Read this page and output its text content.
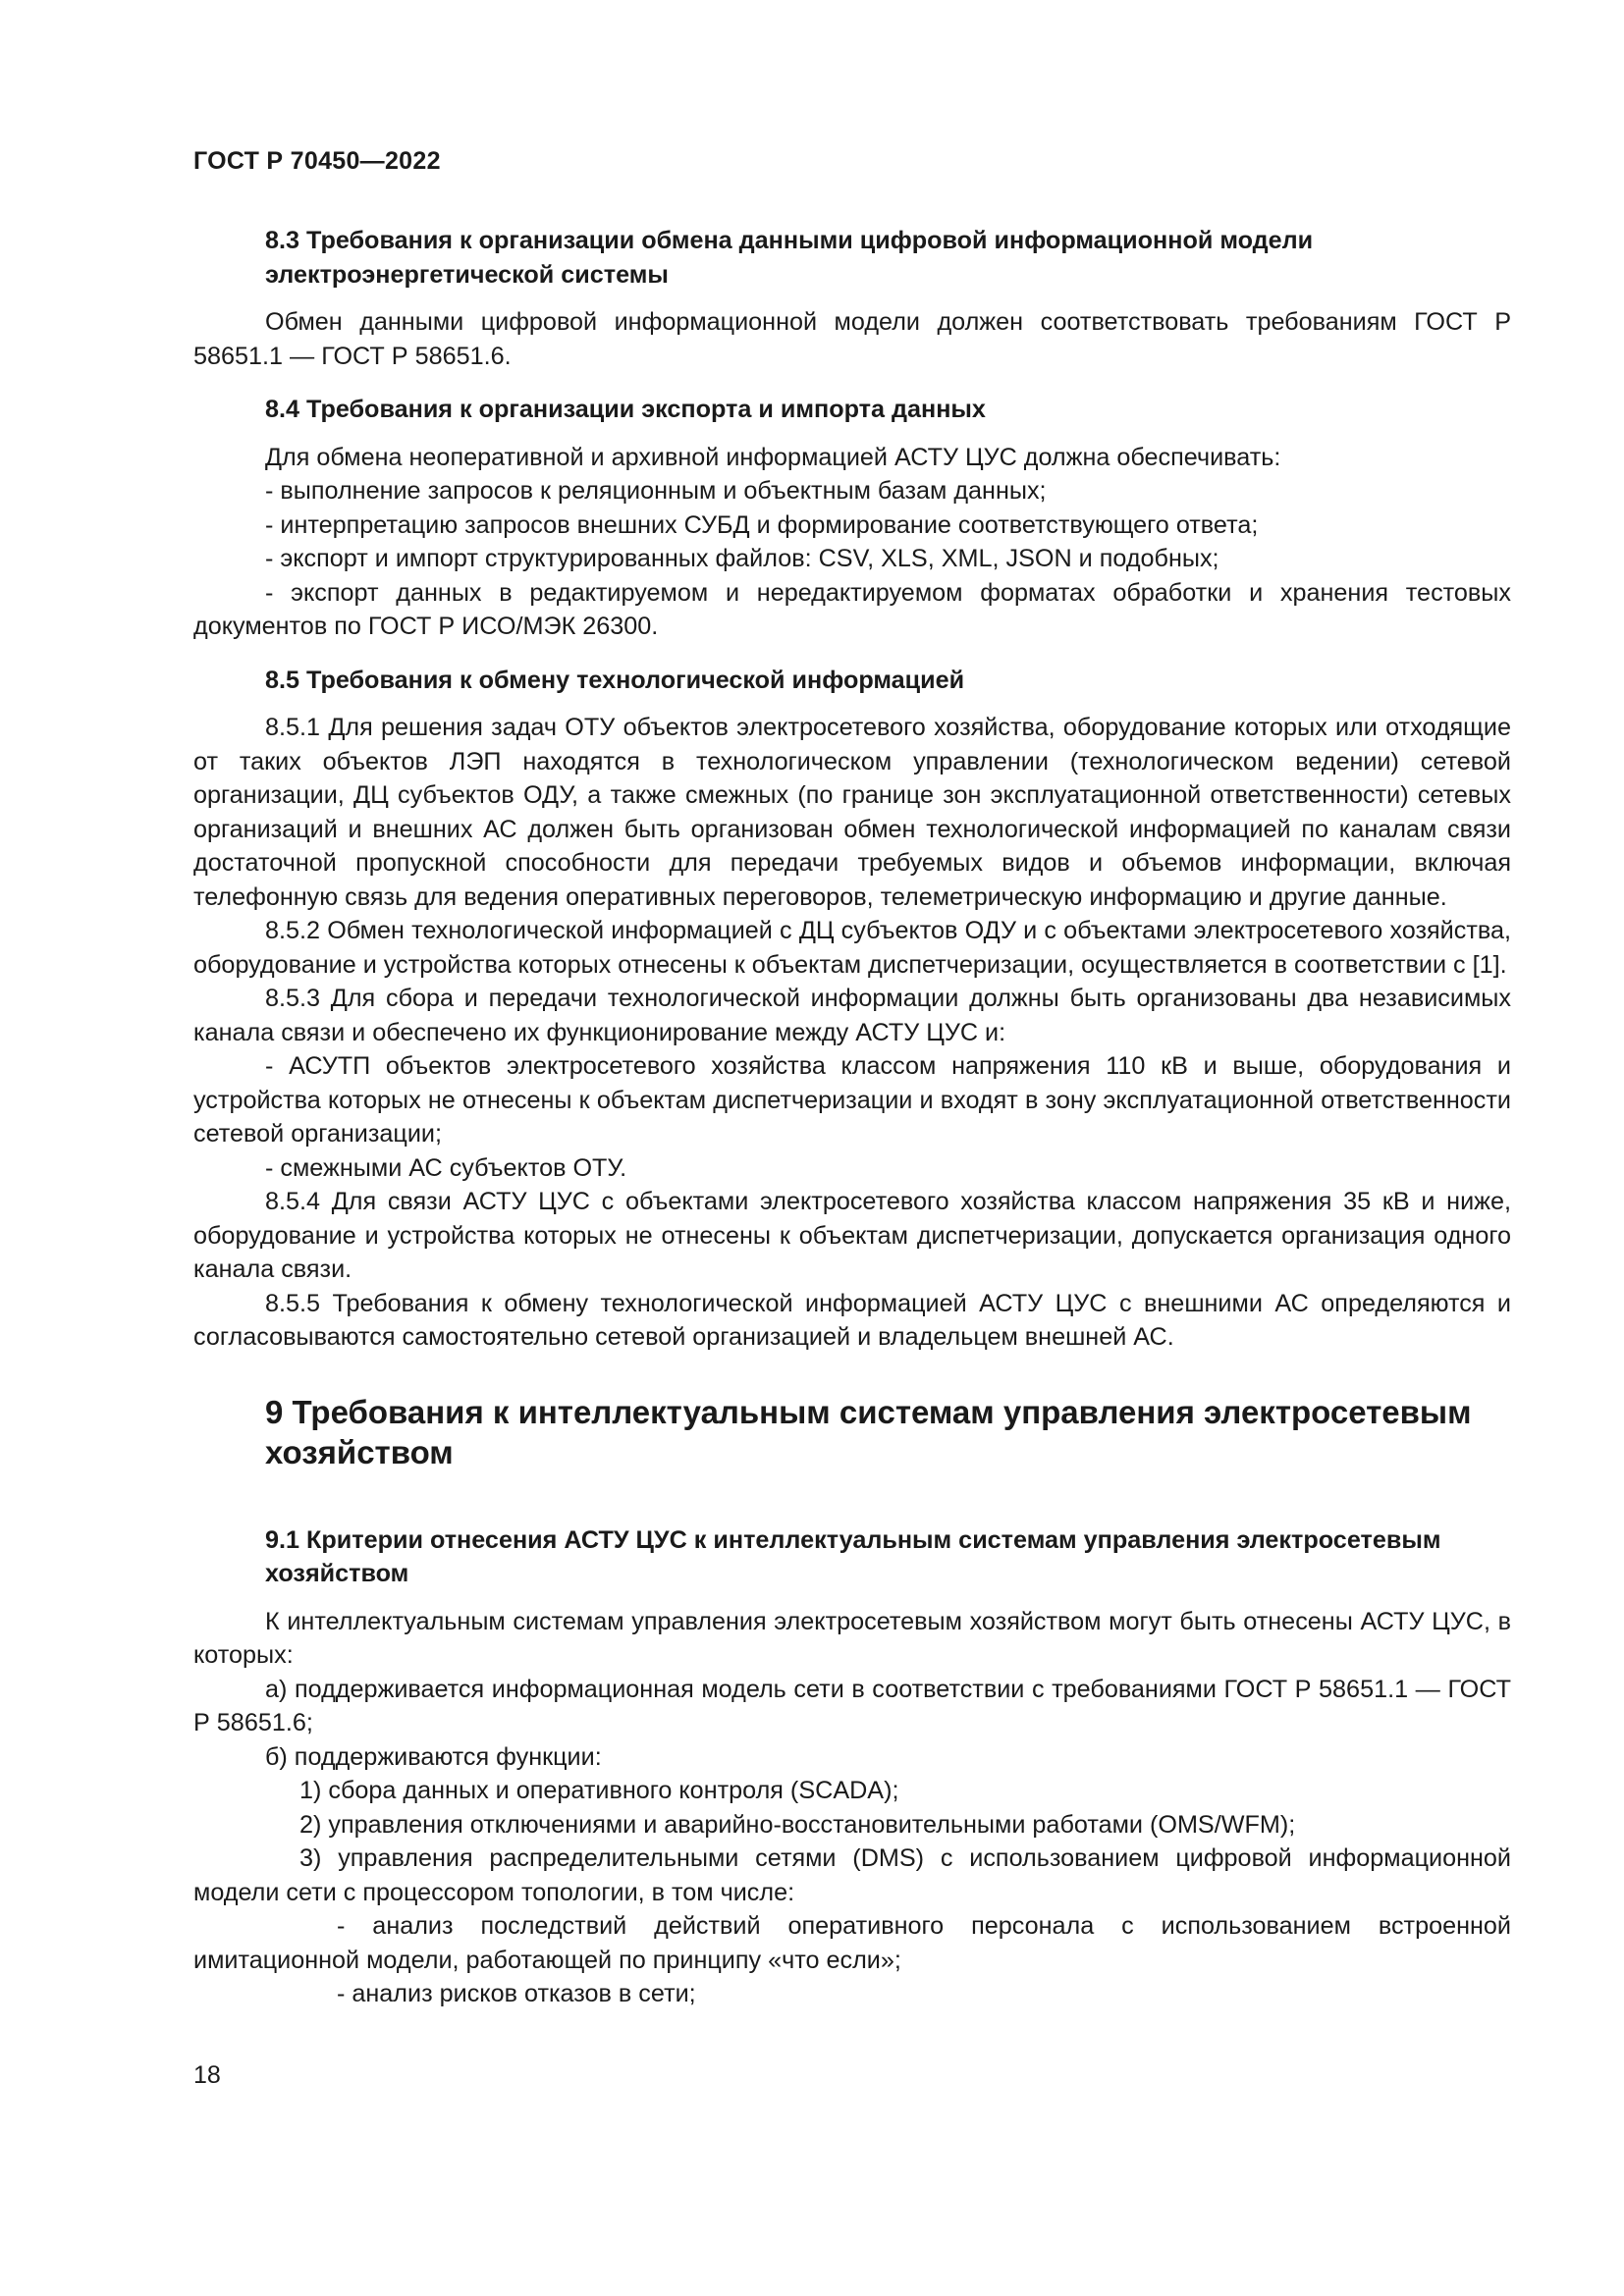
ГОСТ Р 70450—2022

8.3 Требования к организации обмена данными цифровой информационной модели электроэнергетической системы

Обмен данными цифровой информационной модели должен соответствовать требованиям ГОСТ Р 58651.1 — ГОСТ Р 58651.6.

8.4 Требования к организации экспорта и импорта данных

Для обмена неоперативной и архивной информацией АСТУ ЦУС должна обеспечивать:

- выполнение запросов к реляционным и объектным базам данных;

- интерпретацию запросов внешних СУБД и формирование соответствующего ответа;

- экспорт и импорт структурированных файлов: CSV, XLS, XML, JSON и подобных;

- экспорт данных в редактируемом и нередактируемом форматах обработки и хранения тестовых документов по ГОСТ Р ИСО/МЭК 26300.

8.5 Требования к обмену технологической информацией

8.5.1 Для решения задач ОТУ объектов электросетевого хозяйства, оборудование которых или отходящие от таких объектов ЛЭП находятся в технологическом управлении (технологическом ведении) сетевой организации, ДЦ субъектов ОДУ, а также смежных (по границе зон эксплуатационной ответственности) сетевых организаций и внешних АС должен быть организован обмен технологической информацией по каналам связи достаточной пропускной способности для передачи требуемых видов и объемов информации, включая телефонную связь для ведения оперативных переговоров, телеметрическую информацию и другие данные.

8.5.2 Обмен технологической информацией с ДЦ субъектов ОДУ и с объектами электросетевого хозяйства, оборудование и устройства которых отнесены к объектам диспетчеризации, осуществляется в соответствии с [1].

8.5.3 Для сбора и передачи технологической информации должны быть организованы два независимых канала связи и обеспечено их функционирование между АСТУ ЦУС и:

- АСУТП объектов электросетевого хозяйства классом напряжения 110 кВ и выше, оборудования и устройства которых не отнесены к объектам диспетчеризации и входят в зону эксплуатационной ответственности сетевой организации;

- смежными АС субъектов ОТУ.

8.5.4 Для связи АСТУ ЦУС с объектами электросетевого хозяйства классом напряжения 35 кВ и ниже, оборудование и устройства которых не отнесены к объектам диспетчеризации, допускается организация одного канала связи.

8.5.5 Требования к обмену технологической информацией АСТУ ЦУС с внешними АС определяются и согласовываются самостоятельно сетевой организацией и владельцем внешней АС.

9 Требования к интеллектуальным системам управления электросетевым хозяйством

9.1 Критерии отнесения АСТУ ЦУС к интеллектуальным системам управления электросетевым хозяйством

К интеллектуальным системам управления электросетевым хозяйством могут быть отнесены АСТУ ЦУС, в которых:

а) поддерживается информационная модель сети в соответствии с требованиями ГОСТ Р 58651.1 — ГОСТ Р 58651.6;

б) поддерживаются функции:

1) сбора данных и оперативного контроля (SCADA);

2) управления отключениями и аварийно-восстановительными работами (OMS/WFM);

3) управления распределительными сетями (DMS) с использованием цифровой информационной модели сети с процессором топологии, в том числе:

- анализ последствий действий оперативного персонала с использованием встроенной имитационной модели, работающей по принципу «что если»;

- анализ рисков отказов в сети;

18
